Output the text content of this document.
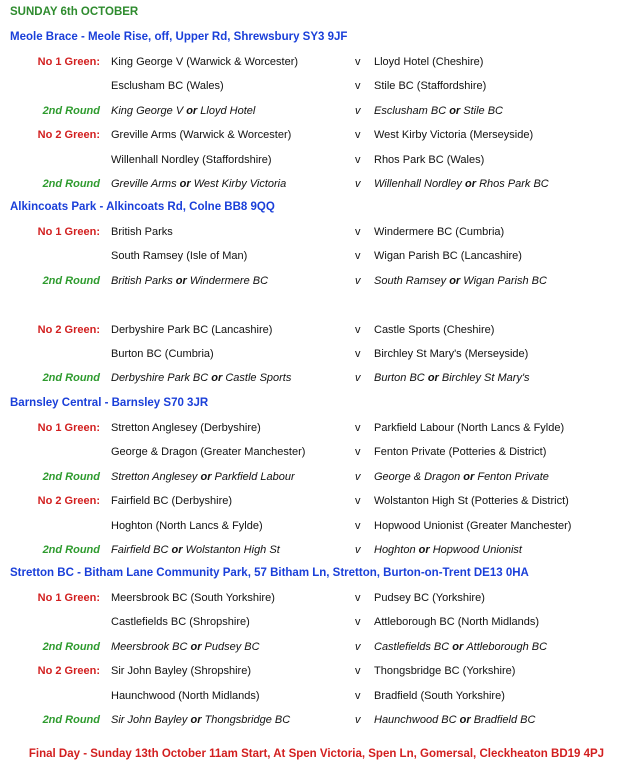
SUNDAY 6th OCTOBER
Final Day - Sunday 13th October 11am Start, At Spen Victoria, Spen Ln, Gomersal, Cleckheaton BD19 4PJ
Meole Brace - Meole Rise, off, Upper Rd, Shrewsbury SY3 9JF
No 1 Green: King George V (Warwick & Worcester)	v Lloyd Hotel (Cheshire)
Esclusham BC (Wales)	v Stile BC (Staffordshire)
2nd Round King George V or Lloyd Hotel	v Esclusham BC or Stile BC
No 2 Green: Greville Arms (Warwick & Worcester)	v West Kirby Victoria (Merseyside)
Willenhall Nordley (Staffordshire)	v Rhos Park BC (Wales)
2nd Round Greville Arms or West Kirby Victoria	v Willenhall Nordley or Rhos Park BC
Alkincoats Park - Alkincoats Rd, Colne BB8 9QQ
No 1 Green: British Parks	v Windermere BC (Cumbria)
South Ramsey (Isle of Man)	v Wigan Parish BC (Lancashire)
2nd Round British Parks or Windermere BC	v South Ramsey or Wigan Parish BC
No 2 Green: Derbyshire Park BC (Lancashire)	v Castle Sports (Cheshire)
Burton BC (Cumbria)	v Birchley St Mary's (Merseyside)
2nd Round Derbyshire Park BC or Castle Sports	v Burton BC or Birchley St Mary's
Barnsley Central - Barnsley S70 3JR
No 1 Green: Stretton Anglesey (Derbyshire)	v Parkfield Labour (North Lancs & Fylde)
George & Dragon (Greater Manchester)	v Fenton Private (Potteries & District)
2nd Round Stretton Anglesey or Parkfield Labour	v George & Dragon or Fenton Private
No 2 Green: Fairfield BC (Derbyshire)	v Wolstanton High St (Potteries & District)
Hoghton (North Lancs & Fylde)	v Hopwood Unionist (Greater Manchester)
2nd Round Fairfield BC or Wolstanton High St	v Hoghton or Hopwood Unionist
Stretton BC - Bitham Lane Community Park, 57 Bitham Ln, Stretton, Burton-on-Trent DE13 0HA
No 1 Green: Meersbrook BC (South Yorkshire)	v Pudsey BC (Yorkshire)
Castlefields BC (Shropshire)	v Attleborough BC (North Midlands)
2nd Round Meersbrook BC or Pudsey BC	v Castlefields BC or Attleborough BC
No 2 Green: Sir John Bayley (Shropshire)	v Thongsbridge BC (Yorkshire)
Haunchwood (North Midlands)	v Bradfield (South Yorkshire)
2nd Round Sir John Bayley or Thongsbridge BC	v Haunchwood BC or Bradfield BC
